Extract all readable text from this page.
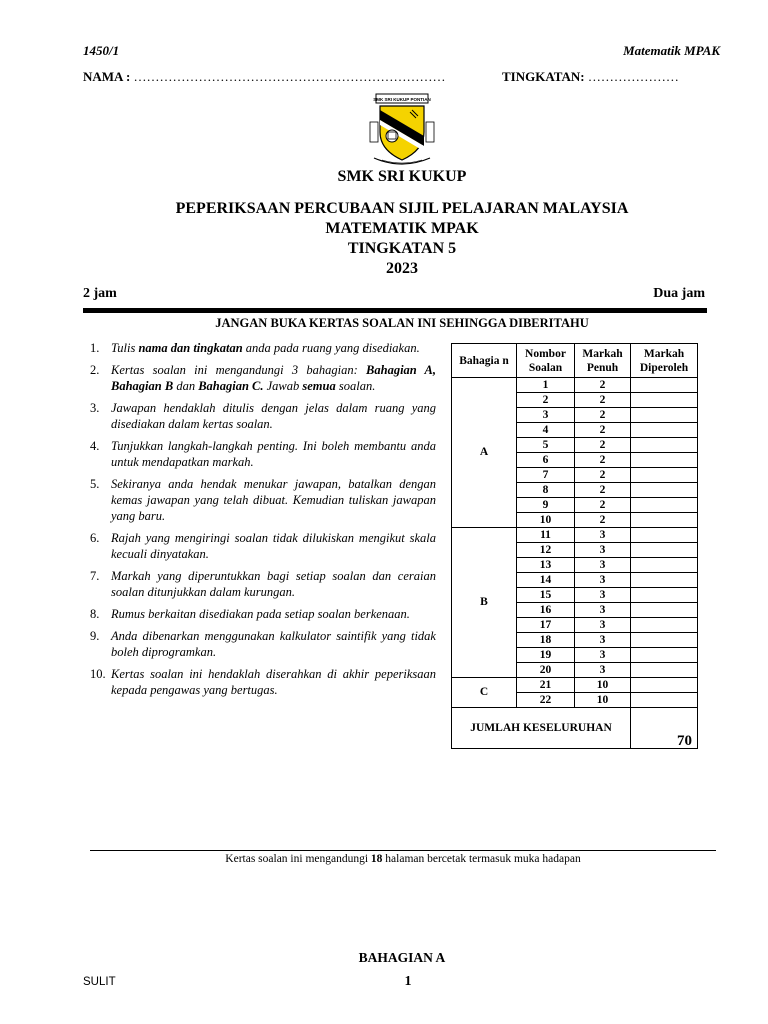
1450/1	Matematik MPAK
NAMA : ………………………………………………………………	TINGKATAN: …………………
SMK SRI KUKUP PONTIAN
SMK SRI KUKUP
PEPERIKSAAN PERCUBAAN SIJIL PELAJARAN MALAYSIA
MATEMATIK MPAK
TINGKATAN 5
2023
2 jam	Dua jam
JANGAN BUKA KERTAS SOALAN INI SEHINGGA DIBERITAHU
1. Tulis nama dan tingkatan anda pada ruang yang disediakan.
2. Kertas soalan ini mengandungi 3 bahagian: Bahagian A, Bahagian B dan Bahagian C. Jawab semua soalan.
3. Jawapan hendaklah ditulis dengan jelas dalam ruang yang disediakan dalam kertas soalan.
4. Tunjukkan langkah-langkah penting. Ini boleh membantu anda untuk mendapatkan markah.
5. Sekiranya anda hendak menukar jawapan, batalkan dengan kemas jawapan yang telah dibuat. Kemudian tuliskan jawapan yang baru.
6. Rajah yang mengiringi soalan tidak dilukiskan mengikut skala kecuali dinyatakan.
7. Markah yang diperuntukkan bagi setiap soalan dan ceraian soalan ditunjukkan dalam kurungan.
8. Rumus berkaitan disediakan pada setiap soalan berkenaan.
9. Anda dibenarkan menggunakan kalkulator saintifik yang tidak boleh diprogramkan.
10. Kertas soalan ini hendaklah diserahkan di akhir peperiksaan kepada pengawas yang bertugas.
Bahagia n	Nombor Soalan	Markah Penuh	Markah Diperoleh
A	1	2	
	2	2	
	3	2	
	4	2	
	5	2	
	6	2	
	7	2	
	8	2	
	9	2	
	10	2	
B	11	3	
	12	3	
	13	3	
	14	3	
	15	3	
	16	3	
	17	3	
	18	3	
	19	3	
	20	3	
C	21	10	
	22	10	
JUMLAH KESELURUHAN			70
Kertas soalan ini mengandungi 18 halaman bercetak termasuk muka hadapan
BAHAGIAN A
SULIT	1
